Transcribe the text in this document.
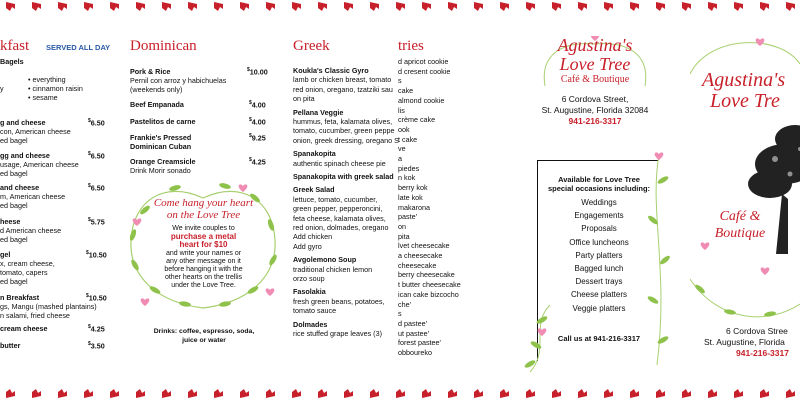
kfast SERVED ALL DAY
Bagels
• everything
• cinnamon raisin
• sesame
y
g and cheese
con, American cheese
ed bagel
$6.50
gg and cheese
usage, American cheese
ed bagel
$6.50
and cheese
m, American cheese
ed bagel
$6.50
heese
d American cheese
ed bagel
$5.75
gel
x, cream cheese,
tomato, capers
ed bagel
$10.50
n Breakfast
gs, Mangu (mashed plantains)
n salami, fried cheese
$10.50
cream cheese	$4.25
butter	$3.50
Dominican
Pork & Rice
Pernil con arroz y habichuelas
(weekends only)
$10.00
Beef Empanada	$4.00
Pastelitos de carne	$4.00
Frankie's Pressed
Dominican Cuban
$9.25
Orange Creamsicle
Drink Morir sonado
$4.25
Come hang your heart
on the Love Tree
We invite couples to
purchase a metal
heart for $10
and write your names or
any other message on it
before hanging it with the
other hearts on the trellis
under the Love Tree.
Drinks: coffee, espresso, soda,
juice or water
Greek
Koukla's Classic Gyro
lamb or chicken breast, tomato
red onion, oregano, tzatziki sau
on pita
Pellana Veggie
hummus, feta, kalamata olives,
tomato, cucumber, green peppe
onion, greek dressing, oregano S
Spanakopita
authentic spinach cheese pie
Spanakopita with greek salad
Greek Salad
lettuce, tomato, cucumber,
green pepper, pepperoncini,
feta cheese, kalamata olives,
red onion, dolmades, oregano
Add chicken
Add gyro
Avgolemono Soup
traditional chicken lemon
orzo soup
Fasolakia
fresh green beans, potatoes,
tomato sauce
Dolmades
rice stuffed grape leaves (3)
tries
d apricot cookie
d cresent cookie
s
cake
almond cookie
lis
crème cake
ook
t cake
ve
a
piedes
n kok
berry kok
late kok
makarona
paste'
on
pita
lvet cheesecake
a cheesecake
cheesecake
berry cheesecake
t butter cheesecake
ican cake bizcocho
che'
s
d pastee'
ut pastee'
forest pastee'
obboureko
Agustina's
Love Tree
Café & Boutique
6 Cordova Street,
St. Augustine, Florida 32084
941-216-3317
Available for Love Tree
special occasions including:
Weddings
Engagements
Proposals
Office luncheons
Party platters
Bagged lunch
Dessert trays
Cheese platters
Veggie platters
Call us at 941-216-3317
Agustina's
Love Tre
Café &
Boutique
6 Cordova Stree
St. Augustine, Florida
941-216-3317
